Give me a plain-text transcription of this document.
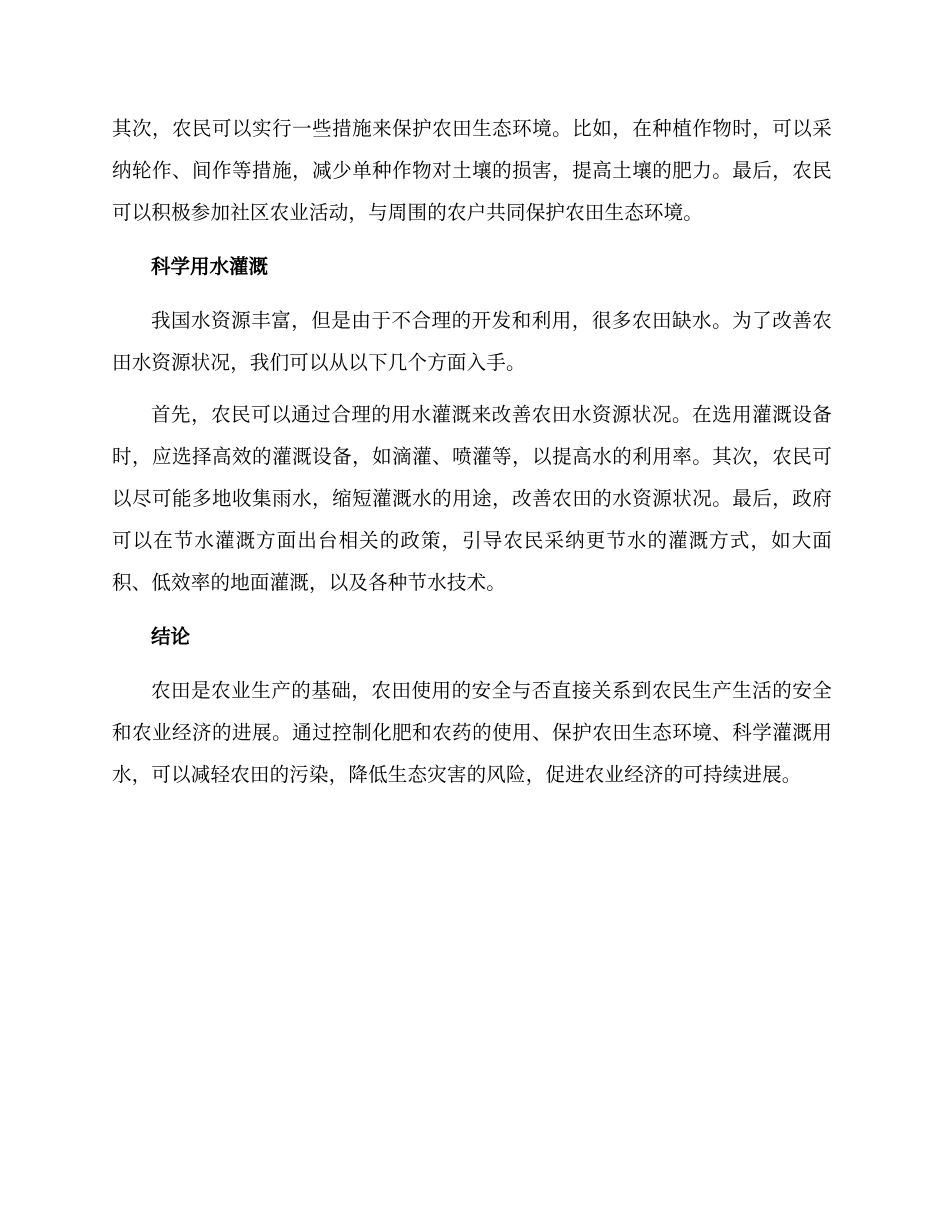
其次，农民可以实行一些措施来保护农田生态环境。比如，在种植作物时，可以采纳轮作、间作等措施，减少单种作物对土壤的损害，提高土壤的肥力。最后，农民可以积极参加社区农业活动，与周围的农户共同保护农田生态环境。

科学用水灌溉

我国水资源丰富，但是由于不合理的开发和利用，很多农田缺水。为了改善农田水资源状况，我们可以从以下几个方面入手。

首先，农民可以通过合理的用水灌溉来改善农田水资源状况。在选用灌溉设备时，应选择高效的灌溉设备，如滴灌、喷灌等，以提高水的利用率。其次，农民可以尽可能多地收集雨水，缩短灌溉水的用途，改善农田的水资源状况。最后，政府可以在节水灌溉方面出台相关的政策，引导农民采纳更节水的灌溉方式，如大面积、低效率的地面灌溉，以及各种节水技术。

结论

农田是农业生产的基础，农田使用的安全与否直接关系到农民生产生活的安全和农业经济的进展。通过控制化肥和农药的使用、保护农田生态环境、科学灌溉用水，可以减轻农田的污染，降低生态灾害的风险，促进农业经济的可持续进展。
